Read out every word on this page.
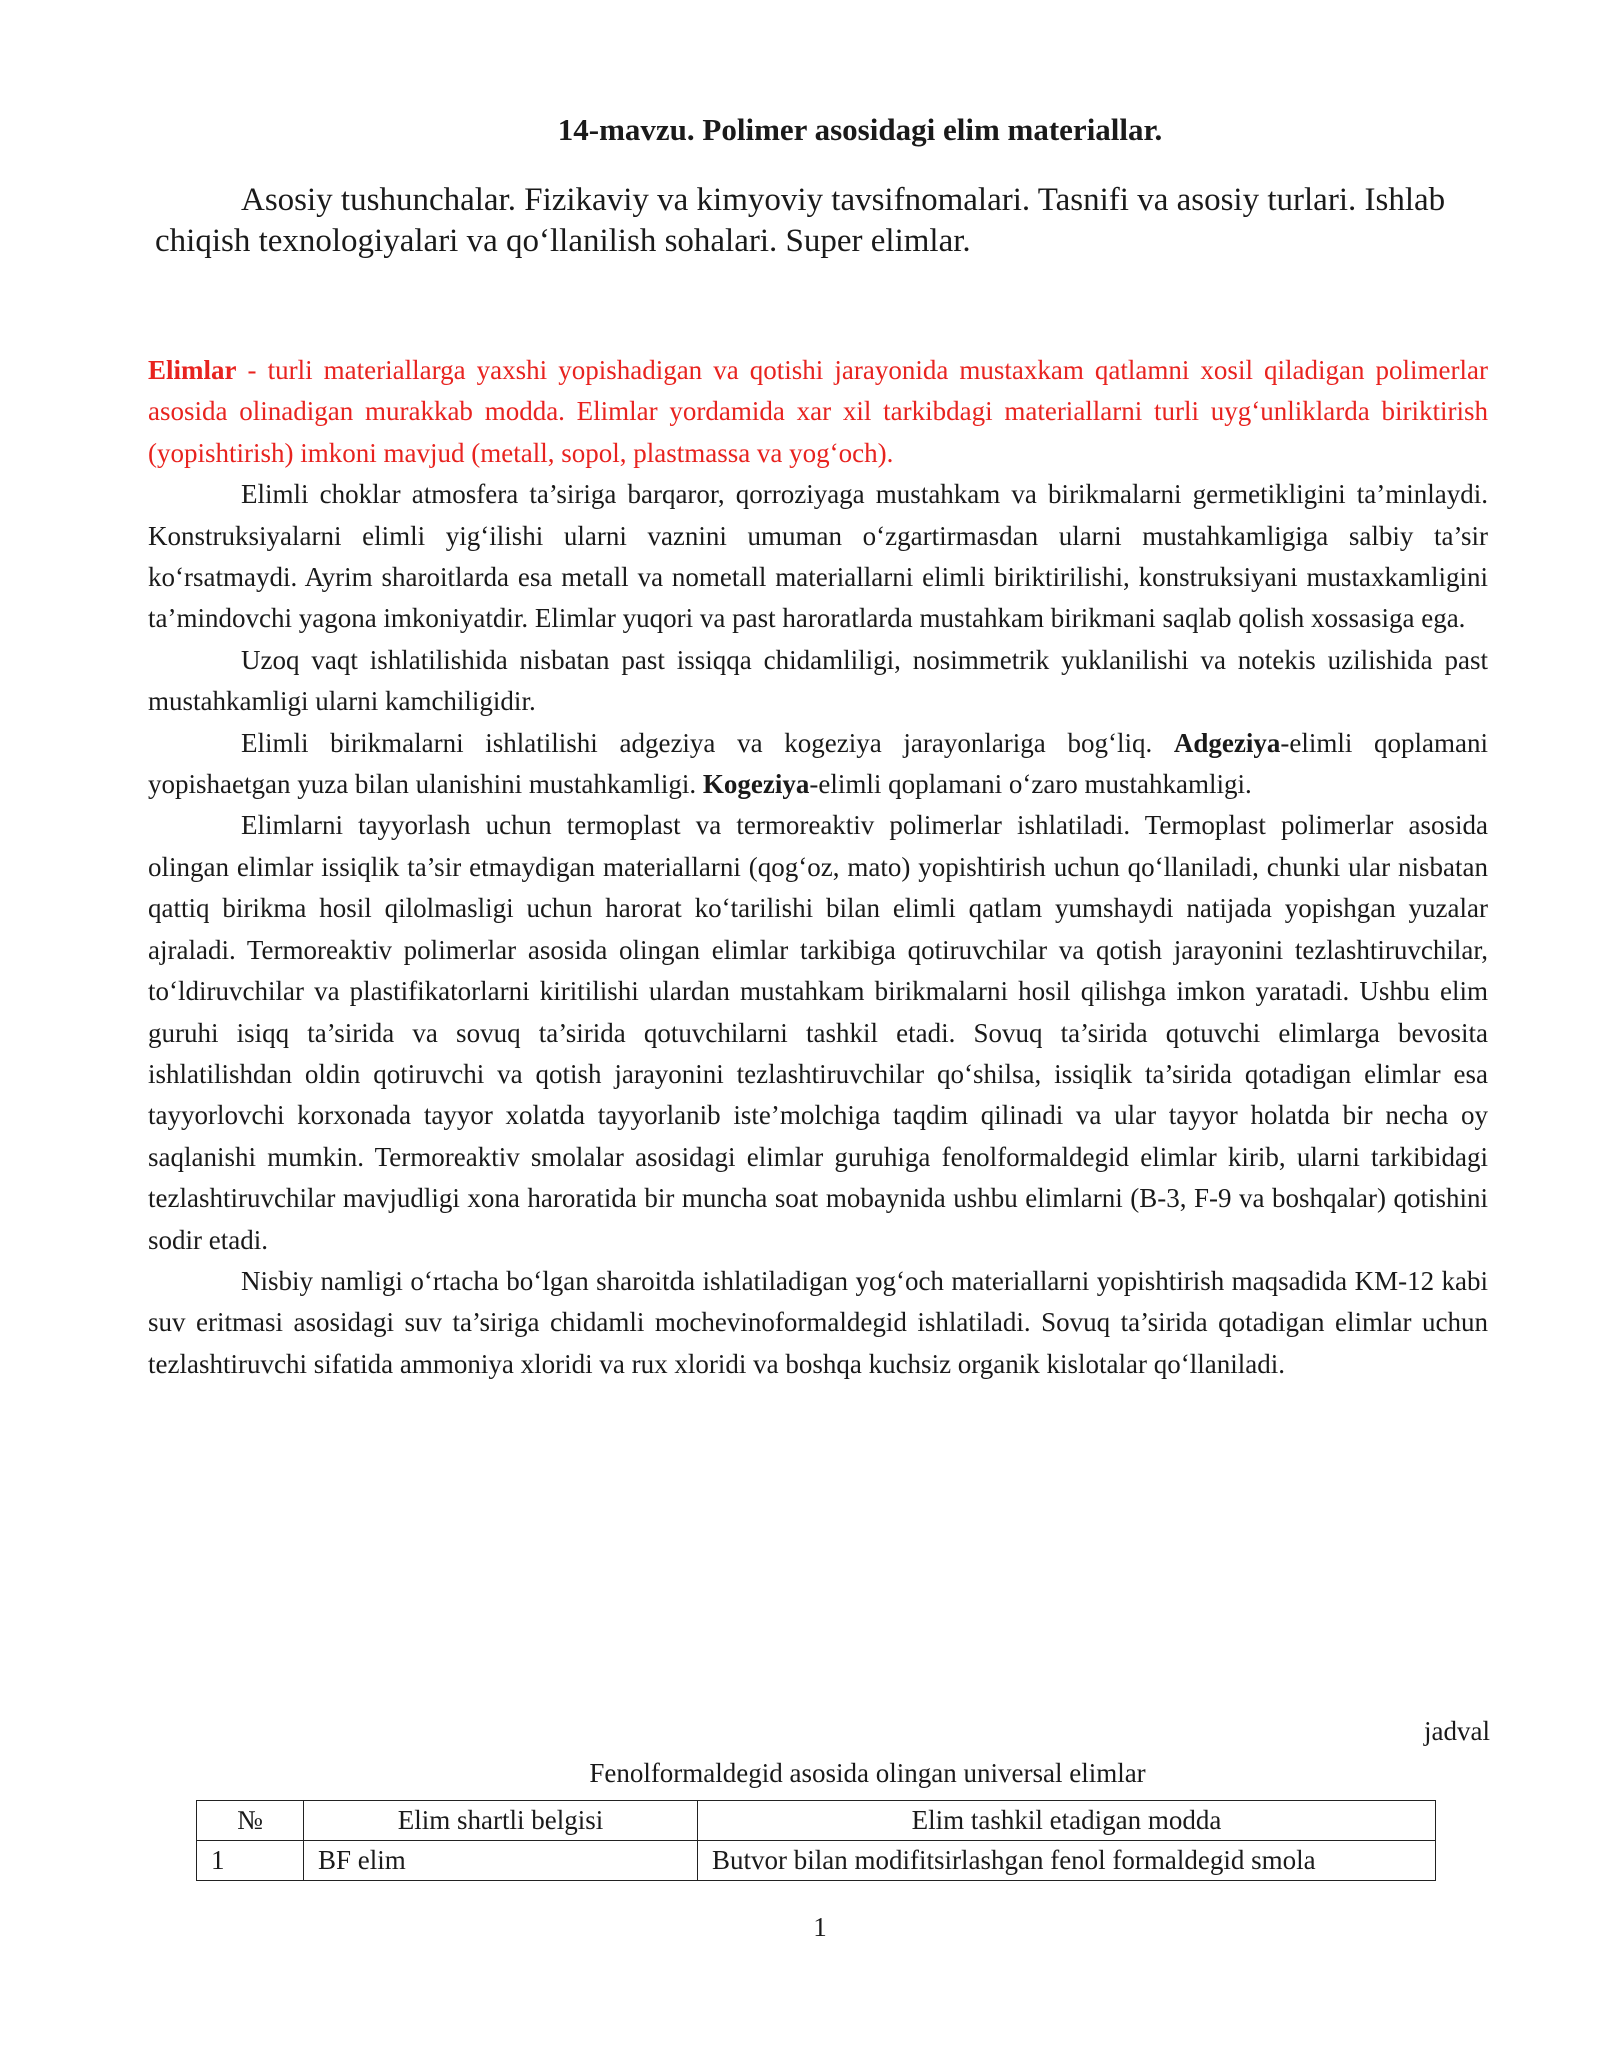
14-mavzu. Polimer asosidagi elim materiallar.
Asosiy tushunchalar. Fizikaviy va kimyoviy tavsifnomalari. Tasnifi va asosiy turlari. Ishlab chiqish texnologiyalari va qo‘llanilish sohalari. Super elimlar.

Elimlar - turli materiallarga yaxshi yopishadigan va qotishi jarayonida mustaxkam qatlamni xosil qiladigan polimerlar asosida olinadigan murakkab modda. Elimlar yordamida xar xil tarkibdagi materiallarni turli uyg‘unliklarda biriktirish (yopishtirish) imkoni mavjud (metall, sopol, plastmassa va yog‘och).

Elimli choklar atmosfera ta’siriga barqaror, qorroziyaga mustahkam va birikmalarni germetikligini ta’minlaydi. Konstruksiyalarni elimli yig‘ilishi ularni vaznini umuman o‘zgartirmasdan ularni mustahkamligiga salbiy ta’sir ko‘rsatmaydi. Ayrim sharoitlarda esa metall va nometall materiallarni elimli biriktirilishi, konstruksiyani mustaxkamligini ta’mindovchi yagona imkoniyatdir. Elimlar yuqori va past haroratlarda mustahkam birikmani saqlab qolish xossasiga ega.

Uzoq vaqt ishlatilishida nisbatan past issiqqa chidamliligi, nosimmetrik yuklanilishi va notekis uzilishida past mustahkamligi ularni kamchiligidir.

Elimli birikmalarni ishlatilishi adgeziya va kogeziya jarayonlariga bog‘liq. Adgeziya-elimli qoplamani yopishaetgan yuza bilan ulanishini mustahkamligi. Kogeziya-elimli qoplamani o‘zaro mustahkamligi.

Elimlarni tayyorlash uchun termoplast va termoreaktiv polimerlar ishlatiladi. Termoplast polimerlar asosida olingan elimlar issiqlik ta’sir etmaydigan materiallarni (qog‘oz, mato) yopishtirish uchun qo‘llaniladi, chunki ular nisbatan qattiq birikma hosil qilolmasligi uchun harorat ko‘tarilishi bilan elimli qatlam yumshaydi natijada yopishgan yuzalar ajraladi. Termoreaktiv polimerlar asosida olingan elimlar tarkibiga qotiruvchilar va qotish jarayonini tezlashtiruvchilar, to‘ldiruvchilar va plastifikatorlarni kiritilishi ulardan mustahkam birikmalarni hosil qilishga imkon yaratadi. Ushbu elim guruhi isiqq ta’sirida va sovuq ta’sirida qotuvchilarni tashkil etadi. Sovuq ta’sirida qotuvchi elimlarga bevosita ishlatilishdan oldin qotiruvchi va qotish jarayonini tezlashtiruvchilar qo‘shilsa, issiqlik ta’sirida qotadigan elimlar esa tayyorlovchi korxonada tayyor xolatda tayyorlanib iste’molchiga taqdim qilinadi va ular tayyor holatda bir necha oy saqlanishi mumkin. Termoreaktiv smolalar asosidagi elimlar guruhiga fenolformaldegid elimlar kirib, ularni tarkibidagi tezlashtiruvchilar mavjudligi xona haroratida bir muncha soat mobaynida ushbu elimlarni (B-3, F-9 va boshqalar) qotishini sodir etadi.

Nisbiy namligi o‘rtacha bo‘lgan sharoitda ishlatiladigan yog‘och materiallarni yopishtirish maqsadida KM-12 kabi suv eritmasi asosidagi suv ta’siriga chidamli mochevinoformaldegid ishlatiladi. Sovuq ta’sirida qotadigan elimlar uchun tezlashtiruvchi sifatida ammoniya xloridi va rux xloridi va boshqa kuchsiz organik kislotalar qo‘llaniladi.

jadval
Fenolformaldegid asosida olingan universal elimlar
№	Elim shartli belgisi	Elim tashkil etadigan modda
1	BF elim	Butvor bilan modifitsirlashgan fenol formaldegid smola
1
